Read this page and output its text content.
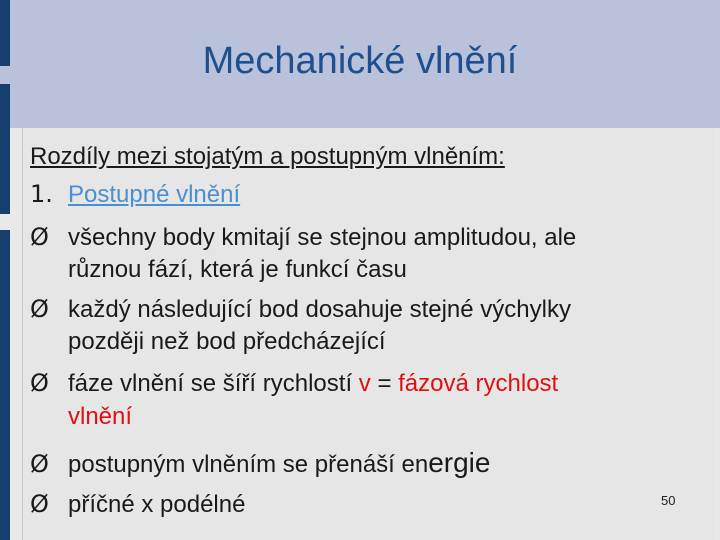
Mechanické vlnění
Rozdíly mezi stojatým a postupným vlněním:
1. Postupné vlnění
Ø všechny body kmitají se stejnou amplitudou, ale
různou fází, která je funkcí času
Ø každý následující bod dosahuje stejné výchylky
později než bod předcházející
Ø fáze vlnění se šíří rychlostí v = fázová rychlost
vlnění
Ø postupným vlněním se přenáší energie
Ø příčné x podélné	50
